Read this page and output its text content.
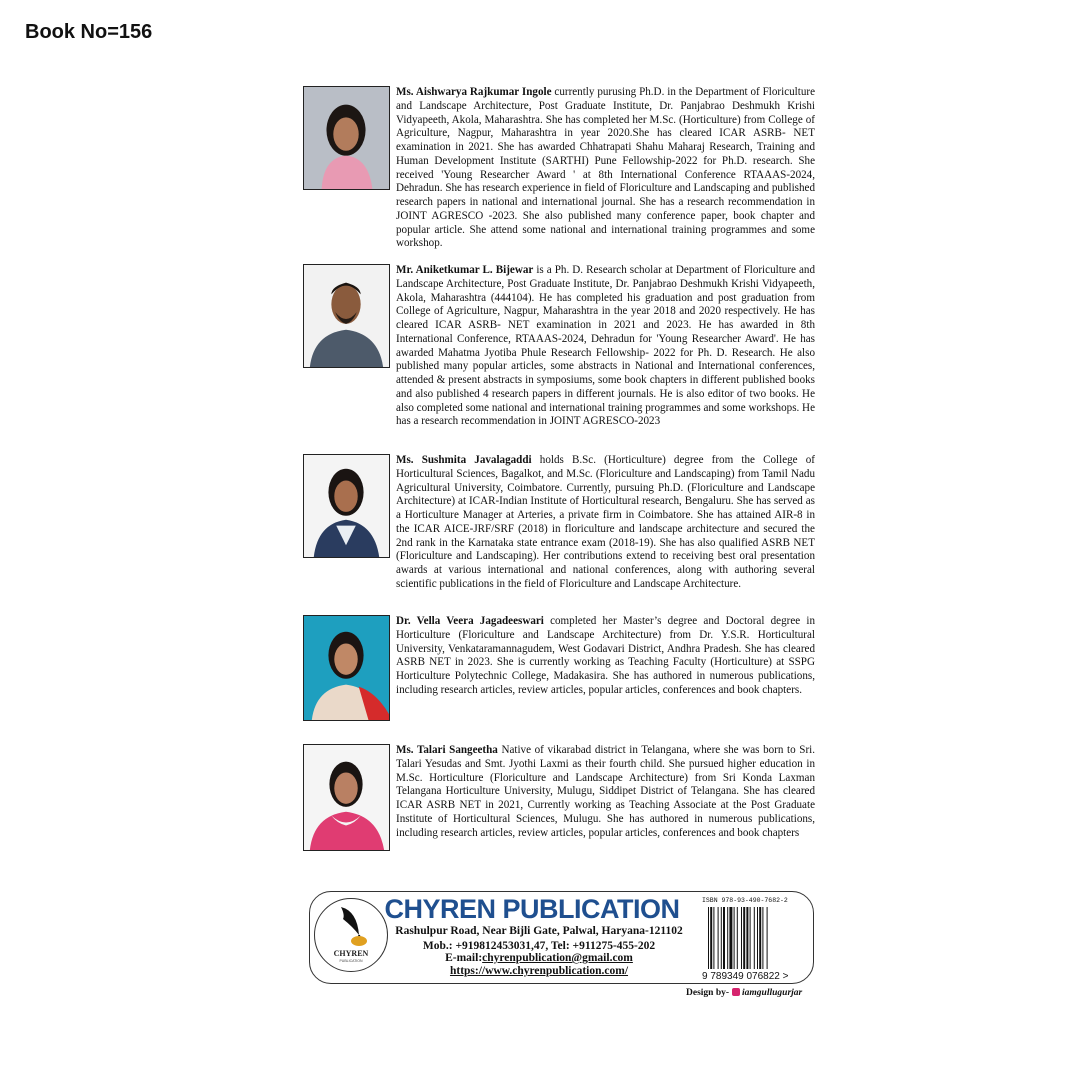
Book No=156

Ms. Aishwarya Rajkumar Ingole currently purusing Ph.D. in the Department of Floriculture and Landscape Architecture, Post Graduate Institute, Dr. Panjabrao Deshmukh Krishi Vidyapeeth, Akola, Maharashtra. She has completed her M.Sc. (Horticulture) from College of Agriculture, Nagpur, Maharashtra in year 2020.She has cleared ICAR ASRB- NET examination in 2021. She has awarded Chhatrapati Shahu Maharaj Research, Training and Human Development Institute (SARTHI) Pune Fellowship-2022 for Ph.D. research. She received 'Young Researcher Award ' at 8th International Conference RTAAAS-2024, Dehradun. She has research experience in field of Floriculture and Landscaping and published research papers in national and international journal. She has a research recommendation in JOINT AGRESCO -2023. She also published many conference paper, book chapter and popular article. She attend some national and international training programmes and some workshop.

Mr. Aniketkumar L. Bijewar is a Ph. D. Research scholar at Department of Floriculture and Landscape Architecture, Post Graduate Institute, Dr. Panjabrao Deshmukh Krishi Vidyapeeth, Akola, Maharashtra (444104). He has completed his graduation and post graduation from College of Agriculture, Nagpur, Maharashtra in the year 2018 and 2020 respectively. He has cleared ICAR ASRB- NET examination in 2021 and 2023. He has awarded in 8th International Conference, RTAAAS-2024, Dehradun for 'Young Researcher Award'. He has awarded Mahatma Jyotiba Phule Research Fellowship- 2022 for Ph. D. Research. He also published many popular articles, some abstracts in National and International conferences, attended & present abstracts in symposiums, some book chapters in different published books and also published 4 research papers in different journals. He is also editor of two books. He also completed some national and international training programmes and some workshops. He has a research recommendation in JOINT AGRESCO-2023

Ms. Sushmita Javalagaddi holds B.Sc. (Horticulture) degree from the College of Horticultural Sciences, Bagalkot, and M.Sc. (Floriculture and Landscaping) from Tamil Nadu Agricultural University, Coimbatore. Currently, pursuing Ph.D. (Floriculture and Landscape Architecture) at ICAR-Indian Institute of Horticultural research, Bengaluru. She has served as a Horticulture Manager at Arteries, a private firm in Coimbatore. She has attained AIR-8 in the ICAR AICE-JRF/SRF (2018) in floriculture and landscape architecture and secured the 2nd rank in the Karnataka state entrance exam (2018-19). She has also qualified ASRB NET (Floriculture and Landscaping). Her contributions extend to receiving best oral presentation awards at various international and national conferences, along with authoring several scientific publications in the field of Floriculture and Landscape Architecture.

Dr. Vella Veera Jagadeeswari completed her Master’s degree and Doctoral degree in Horticulture (Floriculture and Landscape Architecture) from Dr. Y.S.R. Horticultural University, Venkataramannagudem, West Godavari District, Andhra Pradesh. She has cleared ASRB NET in 2023. She is currently working as Teaching Faculty (Horticulture) at SSPG Horticulture Polytechnic College, Madakasira. She has authored in numerous publications, including research articles, review articles, popular articles, conferences and book chapters.

Ms. Talari Sangeetha Native of vikarabad district in Telangana, where she was born to Sri. Talari Yesudas and Smt. Jyothi Laxmi as their fourth child. She pursued higher education in M.Sc. Horticulture (Floriculture and Landscape Architecture) from Sri Konda Laxman Telangana Horticulture University, Mulugu, Siddipet District of Telangana. She has cleared ICAR ASRB NET in 2021, Currently working as Teaching Associate at the Post Graduate Institute of Horticultural Sciences, Mulugu. She has authored in numerous publications, including research articles, review articles, popular articles, conferences and book chapters

CHYREN
PUBLICATION
CHYREN PUBLICATION
Rashulpur Road, Near Bijli Gate, Palwal, Haryana-121102
Mob.: +919812453031,47, Tel: +911275-455-202
E-mail:chyrenpublication@gmail.com
https://www.chyrenpublication.com/
ISBN 978-93-490-7682-2
9 789349 076822 >
Design by- iamgullugurjar
